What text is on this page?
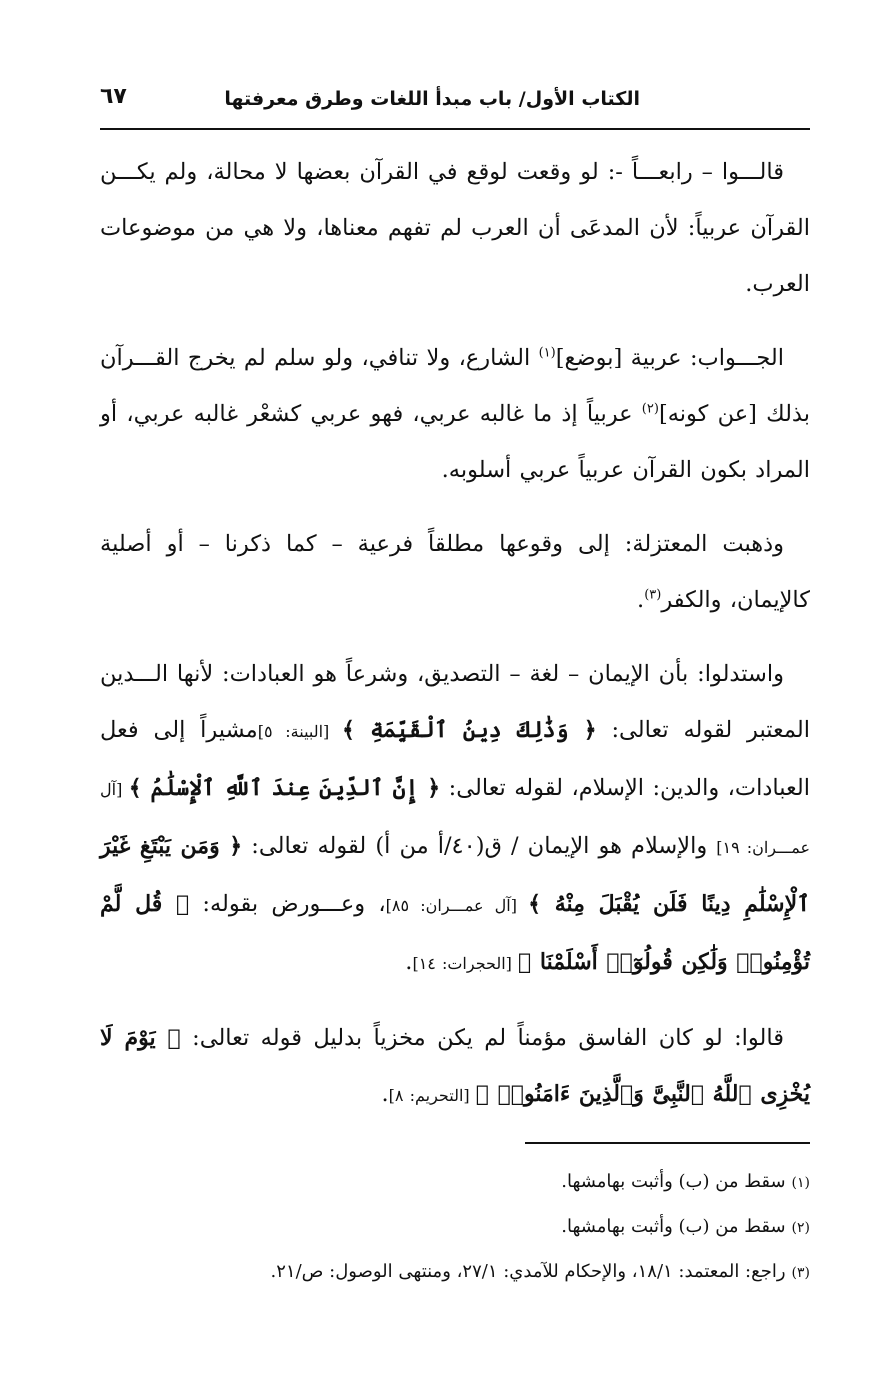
الكتاب الأول/ باب مبدأ اللغات وطرق معرفتها
٦٧

قالـــوا – رابعـــاً -: لو وقعت لوقع في القرآن بعضها لا محالة، ولم يكـــن القرآن عربياً: لأن المدعَى أن العرب لم تفهم معناها، ولا هي من موضوعات العرب.

الجـــواب: عربية [بوضع]$^{(١)}$ الشارع، ولا تنافي، ولو سلم لم يخرج القـــرآن بذلك [عن كونه]$^{(٢)}$ عربياً إذ ما غالبه عربي، فهو عربي كشعْر غالبه عربي، أو المراد بكون القرآن عربياً عربي أسلوبه.

وذهبت المعتزلة: إلى وقوعها مطلقاً فرعية – كما ذكرنا – أو أصلية كالإيمان، والكفر$^{(٣)}$.

واستدلوا: بأن الإيمان – لغة – التصديق، وشرعاً هو العبادات: لأنها الـــدين المعتبر لقوله تعالى: ﴿ وَذَٰلِكَ دِينُ ٱلْقَيِّمَةِ ﴾ [البينة: ٥]مشيراً إلى فعل العبادات، والدين: الإسلام، لقوله تعالى: ﴿ إِنَّ ٱلدِّينَ عِندَ ٱللَّهِ ٱلْإِسْلَٰمُ ﴾ [آل عمـــران: ١٩] والإسلام هو الإيمان / ق(٤٠/أ من أ) لقوله تعالى: ﴿ وَمَن يَبْتَغِ غَيْرَ ٱلْإِسْلَٰمِ دِينًا فَلَن يُقْبَلَ مِنْهُ ﴾ [آل عمـــران: ٨٥]، وعـــورض بقوله: ﴿ قُل لَّمْ تُؤْمِنُوا۟ وَلَٰكِن قُولُوٓا۟ أَسْلَمْنَا ﴾ [الحجرات: ١٤].

قالوا: لو كان الفاسق مؤمناً لم يكن مخزياً بدليل قوله تعالى: ﴿ يَوْمَ لَا يُخْزِى ٱللَّهُ ٱلنَّبِىَّ وَٱلَّذِينَ ءَامَنُوا۟ ﴾ [التحريم: ٨].

(١)سقط من (ب) وأثبت بهامشها.

(٢)سقط من (ب) وأثبت بهامشها.

(٣)راجع: المعتمد: ١٨/١، والإحكام للآمدي: ٢٧/١، ومنتهى الوصول: ص/٢١.
